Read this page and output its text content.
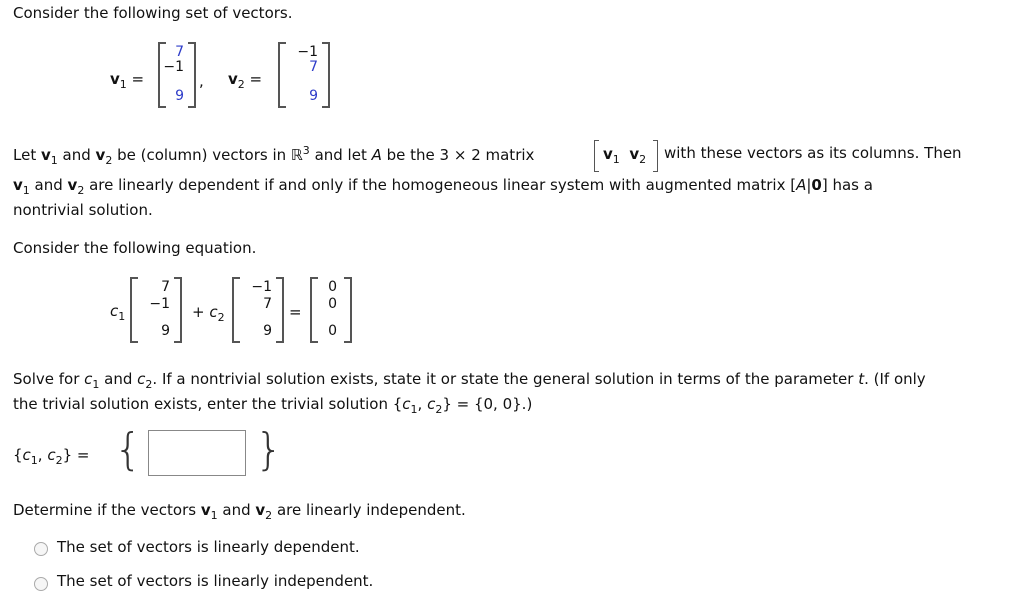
Consider the following set of vectors.
$v_1$ =
7
−1
9
, $v_2$ =
−1
7
9
Let $v_1$ and $v_2$ be (column) vectors in ℝ$^3$ and let A be the 3 × 2 matrix	$v_1$ $v_2$ with these vectors as its columns. Then
$v_1$ and $v_2$ are linearly dependent if and only if the homogeneous linear system with augmented matrix [A|0] has a
nontrivial solution.
Consider the following equation.
$c_1$
7
−1
9
+ $c_2$
−1
7
9
=
0
0
0
Solve for $c_1$ and $c_2$. If a nontrivial solution exists, state it or state the general solution in terms of the parameter t. (If only
the trivial solution exists, enter the trivial solution {$c_1$, $c_2\} = \{0$, 0}.)
{$c_1$, $c_2$} = {	}
Determine if the vectors $v_1$ and $v_2$ are linearly independent.
The set of vectors is linearly dependent.
The set of vectors is linearly independent.
